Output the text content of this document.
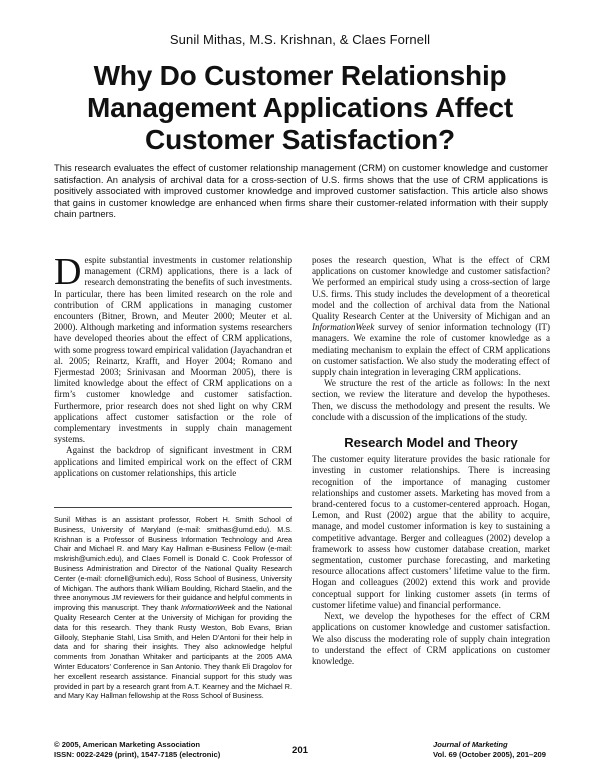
Sunil Mithas, M.S. Krishnan, & Claes Fornell
Why Do Customer Relationship
Management Applications Affect
Customer Satisfaction?
This research evaluates the effect of customer relationship management (CRM) on customer knowledge and customer satisfaction. An analysis of archival data for a cross-section of U.S. firms shows that the use of CRM applications is positively associated with improved customer knowledge and improved customer satisfaction. This article also shows that gains in customer knowledge are enhanced when firms share their customer-related information with their supply chain partners.

Despite substantial investments in customer relationship management (CRM) applications, there is a lack of research demonstrating the benefits of such investments. In particular, there has been limited research on the role and contribution of CRM applications in managing customer encounters (Bitner, Brown, and Meuter 2000; Meuter et al. 2000). Although marketing and information systems researchers have developed theories about the effect of CRM applications, with some progress toward empirical validation (Jayachandran et al. 2005; Reinartz, Krafft, and Hoyer 2004; Romano and Fjermestad 2003; Srinivasan and Moorman 2005), there is limited knowledge about the effect of CRM applications on a firm’s customer knowledge and customer satisfaction. Furthermore, prior research does not shed light on why CRM applications affect customer satisfaction or the role of complementary investments in supply chain management systems.

Against the backdrop of significant investment in CRM applications and limited empirical work on the effect of CRM applications on customer relationships, this article

poses the research question, What is the effect of CRM applications on customer knowledge and customer satisfaction? We performed an empirical study using a cross-section of large U.S. firms. This study includes the development of a theoretical model and the collection of archival data from the National Quality Research Center at the University of Michigan and an InformationWeek survey of senior information technology (IT) managers. We examine the role of customer knowledge as a mediating mechanism to explain the effect of CRM applications on customer satisfaction. We also study the moderating effect of supply chain integration in leveraging CRM applications.

We structure the rest of the article as follows: In the next section, we review the literature and develop the hypotheses. Then, we discuss the methodology and present the results. We conclude with a discussion of the implications of the study.

Research Model and Theory

The customer equity literature provides the basic rationale for investing in customer relationships. There is increasing recognition of the importance of managing customer relationships and customer assets. Marketing has moved from a brand-centered focus to a customer-centered approach. Hogan, Lemon, and Rust (2002) argue that the ability to acquire, manage, and model customer information is key to sustaining a competitive advantage. Berger and colleagues (2002) develop a framework to assess how customer database creation, market segmentation, customer purchase forecasting, and marketing resource allocations affect customers’ lifetime value to the firm. Hogan and colleagues (2002) extend this work and provide conceptual support for linking customer assets (in terms of customer lifetime value) and financial performance.

Next, we develop the hypotheses for the effect of CRM applications on customer knowledge and customer satisfaction. We also discuss the moderating role of supply chain integration to understand the effect of CRM applications on customer knowledge.

Sunil Mithas is an assistant professor, Robert H. Smith School of Business, University of Maryland (e-mail: smithas@umd.edu). M.S. Krishnan is a Professor of Business Information Technology and Area Chair and Michael R. and Mary Kay Hallman e-Business Fellow (e-mail: mskrish@umich.edu), and Claes Fornell is Donald C. Cook Professor of Business Administration and Director of the National Quality Research Center (e-mail: cfornell@umich.edu), Ross School of Business, University of Michigan. The authors thank William Boulding, Richard Staelin, and the three anonymous JM reviewers for their guidance and helpful comments in improving this manuscript. They thank InformationWeek and the National Quality Research Center at the University of Michigan for providing the data for this research. They thank Rusty Weston, Bob Evans, Brian Gillooly, Stephanie Stahl, Lisa Smith, and Helen D’Antoni for their help in data and for sharing their insights. They also acknowledge helpful comments from Jonathan Whitaker and participants at the 2005 AMA Winter Educators’ Conference in San Antonio. They thank Eli Dragolov for her excellent research assistance. Financial support for this study was provided in part by a research grant from A.T. Kearney and the Michael R. and Mary Kay Hallman fellowship at the Ross School of Business.
© 2005, American Marketing Association
ISSN: 0022-2429 (print), 1547-7185 (electronic)	201
Journal of Marketing
Vol. 69 (October 2005), 201–209
